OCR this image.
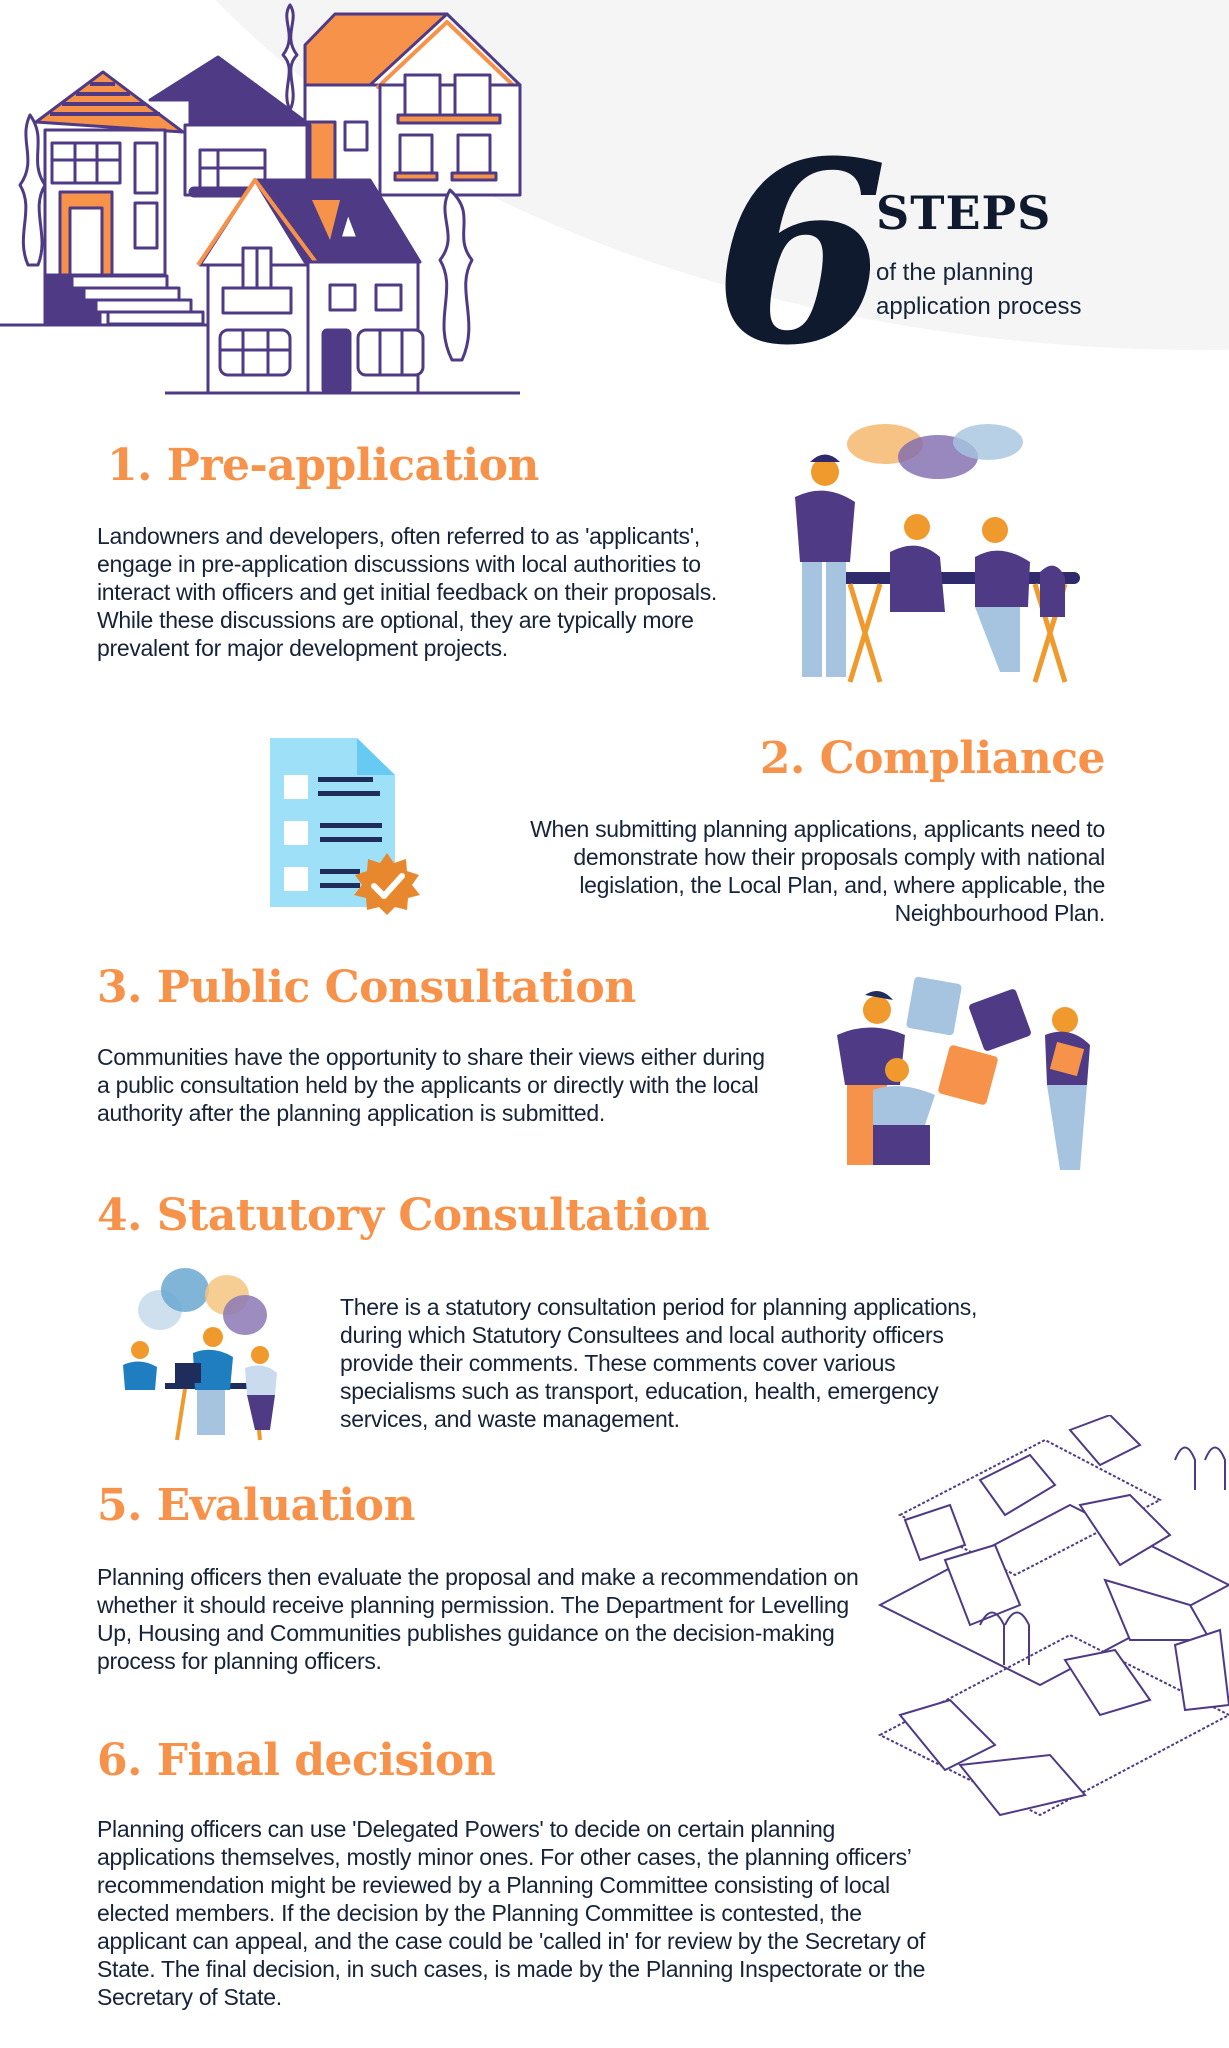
6
STEPS
of the planning
application process
1. Pre-application
Landowners and developers, often referred to as 'applicants', engage in pre-application discussions with local authorities to interact with officers and get initial feedback on their proposals. While these discussions are optional, they are typically more prevalent for major development projects.
2. Compliance
When submitting planning applications, applicants need to demonstrate how their proposals comply with national legislation, the Local Plan, and, where applicable, the Neighbourhood Plan.
3. Public Consultation
Communities have the opportunity to share their views either during a public consultation held by the applicants or directly with the local authority after the planning application is submitted.
4. Statutory Consultation
There is a statutory consultation period for planning applications, during which Statutory Consultees and local authority officers provide their comments. These comments cover various specialisms such as transport, education, health, emergency services, and waste management.
5. Evaluation
Planning officers then evaluate the proposal and make a recommendation on whether it should receive planning permission. The Department for Levelling Up, Housing and Communities publishes guidance on the decision-making process for planning officers.
6. Final decision
Planning officers can use 'Delegated Powers' to decide on certain planning applications themselves, mostly minor ones. For other cases, the planning officers’ recommendation might be reviewed by a Planning Committee consisting of local elected members. If the decision by the Planning Committee is contested, the applicant can appeal, and the case could be 'called in' for review by the Secretary of State. The final decision, in such cases, is made by the Planning Inspectorate or the Secretary of State.
